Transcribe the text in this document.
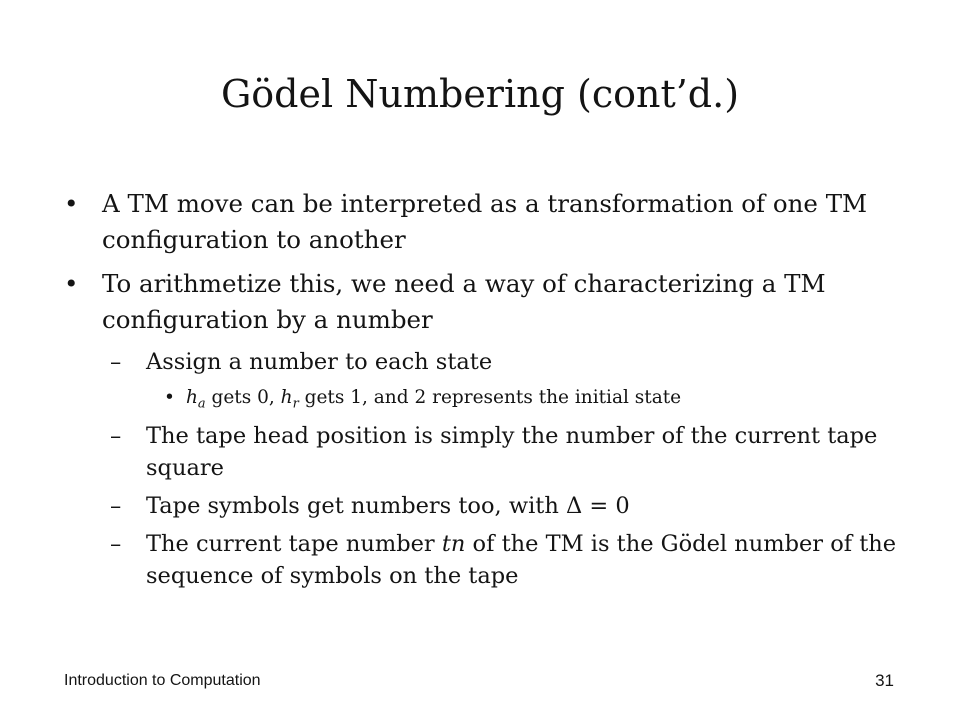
Gödel Numbering (cont’d.)
• A TM move can be interpreted as a transformation of one TM configuration to another
• To arithmetize this, we need a way of characterizing a TM configuration by a number
– Assign a number to each state
• $h_a$ gets 0, $h_r$ gets 1, and 2 represents the initial state
– The tape head position is simply the number of the current tape square
– Tape symbols get numbers too, with Δ = 0
– The current tape number tn of the TM is the Gödel number of the sequence of symbols on the tape
Introduction to Computation	31
